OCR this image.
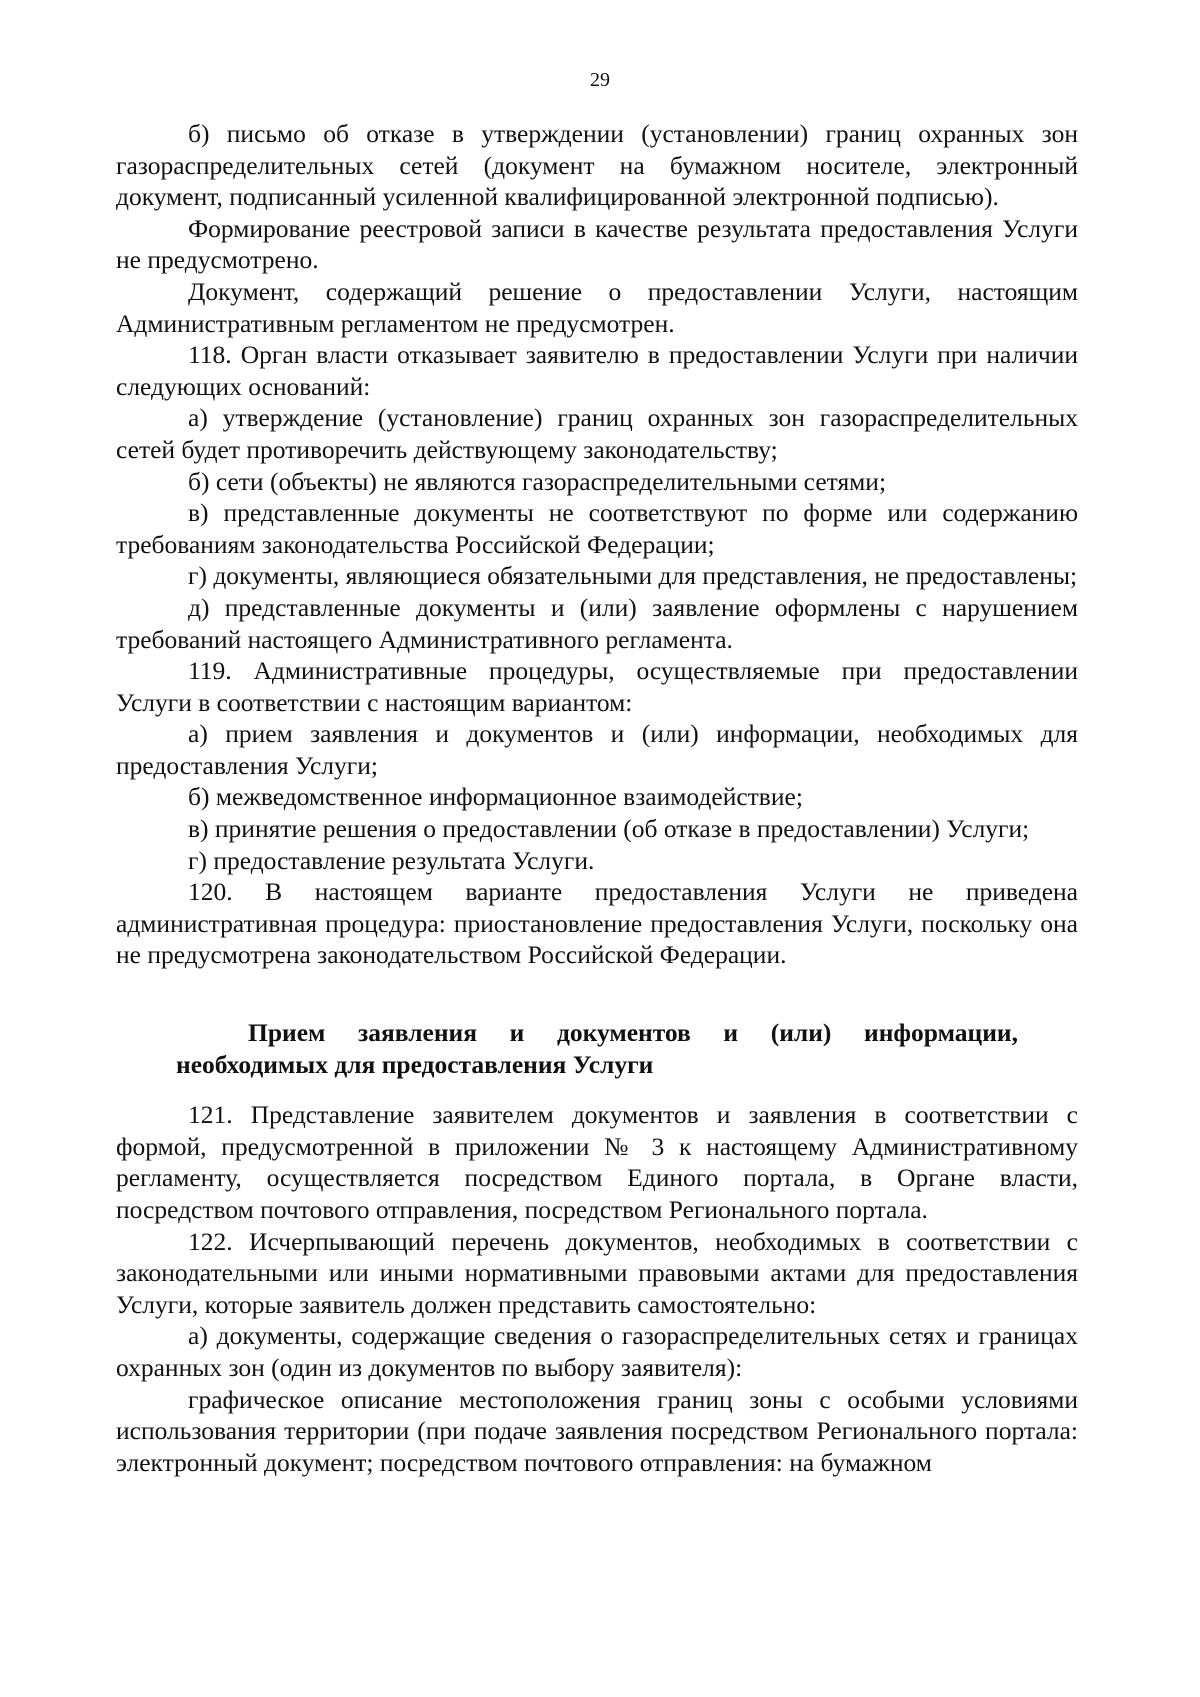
29

б) письмо об отказе в утверждении (установлении) границ охранных зон газораспределительных сетей (документ на бумажном носителе, электронный документ, подписанный усиленной квалифицированной электронной подписью).

Формирование реестровой записи в качестве результата предоставления Услуги не предусмотрено.

Документ, содержащий решение о предоставлении Услуги, настоящим Административным регламентом не предусмотрен.

118. Орган власти отказывает заявителю в предоставлении Услуги при наличии следующих оснований:

а) утверждение (установление) границ охранных зон газораспределительных сетей будет противоречить действующему законодательству;

б) сети (объекты) не являются газораспределительными сетями;

в) представленные документы не соответствуют по форме или содержанию требованиям законодательства Российской Федерации;

г) документы, являющиеся обязательными для представления, не предоставлены;

д) представленные документы и (или) заявление оформлены с нарушением требований настоящего Административного регламента.

119. Административные процедуры, осуществляемые при предоставлении Услуги в соответствии с настоящим вариантом:

а) прием заявления и документов и (или) информации, необходимых для предоставления Услуги;

б) межведомственное информационное взаимодействие;

в) принятие решения о предоставлении (об отказе в предоставлении) Услуги;

г) предоставление результата Услуги.

120. В настоящем варианте предоставления Услуги не приведена административная процедура: приостановление предоставления Услуги, поскольку она не предусмотрена законодательством Российской Федерации.

Прием заявления и документов и (или) информации, необходимых для предоставления Услуги

121. Представление заявителем документов и заявления в соответствии с формой, предусмотренной в приложении № 3 к настоящему Административному регламенту, осуществляется посредством Единого портала, в Органе власти, посредством почтового отправления, посредством Регионального портала.

122. Исчерпывающий перечень документов, необходимых в соответствии с законодательными или иными нормативными правовыми актами для предоставления Услуги, которые заявитель должен представить самостоятельно:

а) документы, содержащие сведения о газораспределительных сетях и границах охранных зон (один из документов по выбору заявителя):

графическое описание местоположения границ зоны с особыми условиями использования территории (при подаче заявления посредством Регионального портала: электронный документ; посредством почтового отправления: на бумажном
